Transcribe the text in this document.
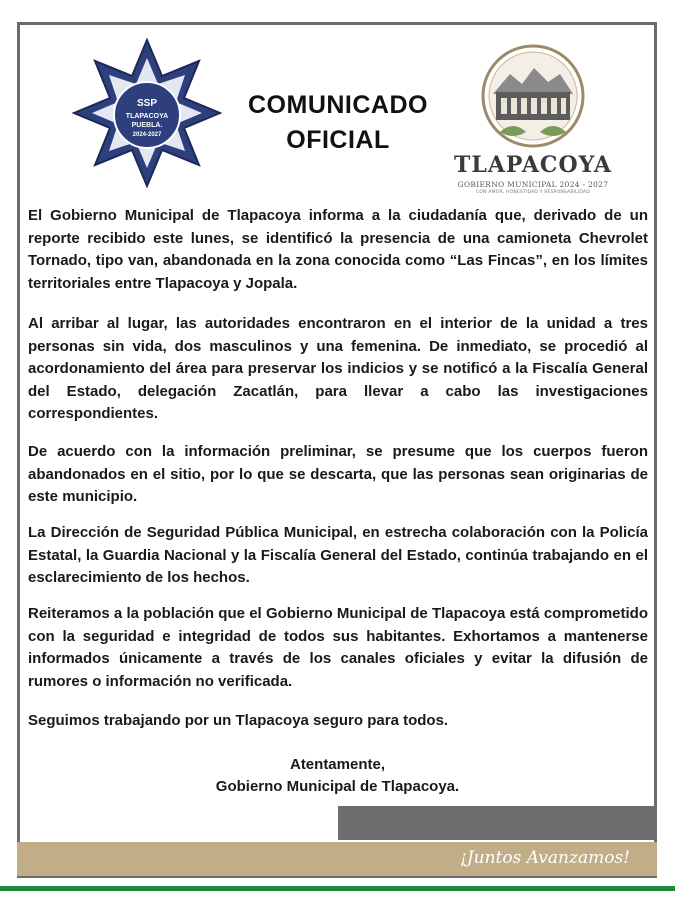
SSP
TLAPACOYA
PUEBLA.
2024-2027
COMUNICADO
OFICIAL
TLAPACOYA
GOBIERNO MUNICIPAL 2024 - 2027
CON AMOR, HONESTIDAD Y RESPONSABILIDAD

El Gobierno Municipal de Tlapacoya informa a la ciudadanía que, derivado de un reporte recibido este lunes, se identificó la presencia de una camioneta Chevrolet Tornado, tipo van, abandonada en la zona conocida como “Las Fincas”, en los límites territoriales entre Tlapacoya y Jopala.

Al arribar al lugar, las autoridades encontraron en el interior de la unidad a tres personas sin vida, dos masculinos y una femenina. De inmediato, se procedió al acordonamiento del área para preservar los indicios y se notificó a la Fiscalía General del Estado, delegación Zacatlán, para llevar a cabo las investigaciones correspondientes.

De acuerdo con la información preliminar, se presume que los cuerpos fueron abandonados en el sitio, por lo que se descarta, que las personas sean originarias de este municipio.

La Dirección de Seguridad Pública Municipal, en estrecha colaboración con la Policía Estatal, la Guardia Nacional y la Fiscalía General del Estado, continúa trabajando en el esclarecimiento de los hechos.

Reiteramos a la población que el Gobierno Municipal de Tlapacoya está comprometido con la seguridad e integridad de todos sus habitantes. Exhortamos a mantenerse informados únicamente a través de los canales oficiales y evitar la difusión de rumores o información no verificada.

Seguimos trabajando por un Tlapacoya seguro para todos.

Atentamente,
Gobierno Municipal de Tlapacoya.
¡Juntos Avanzamos!
